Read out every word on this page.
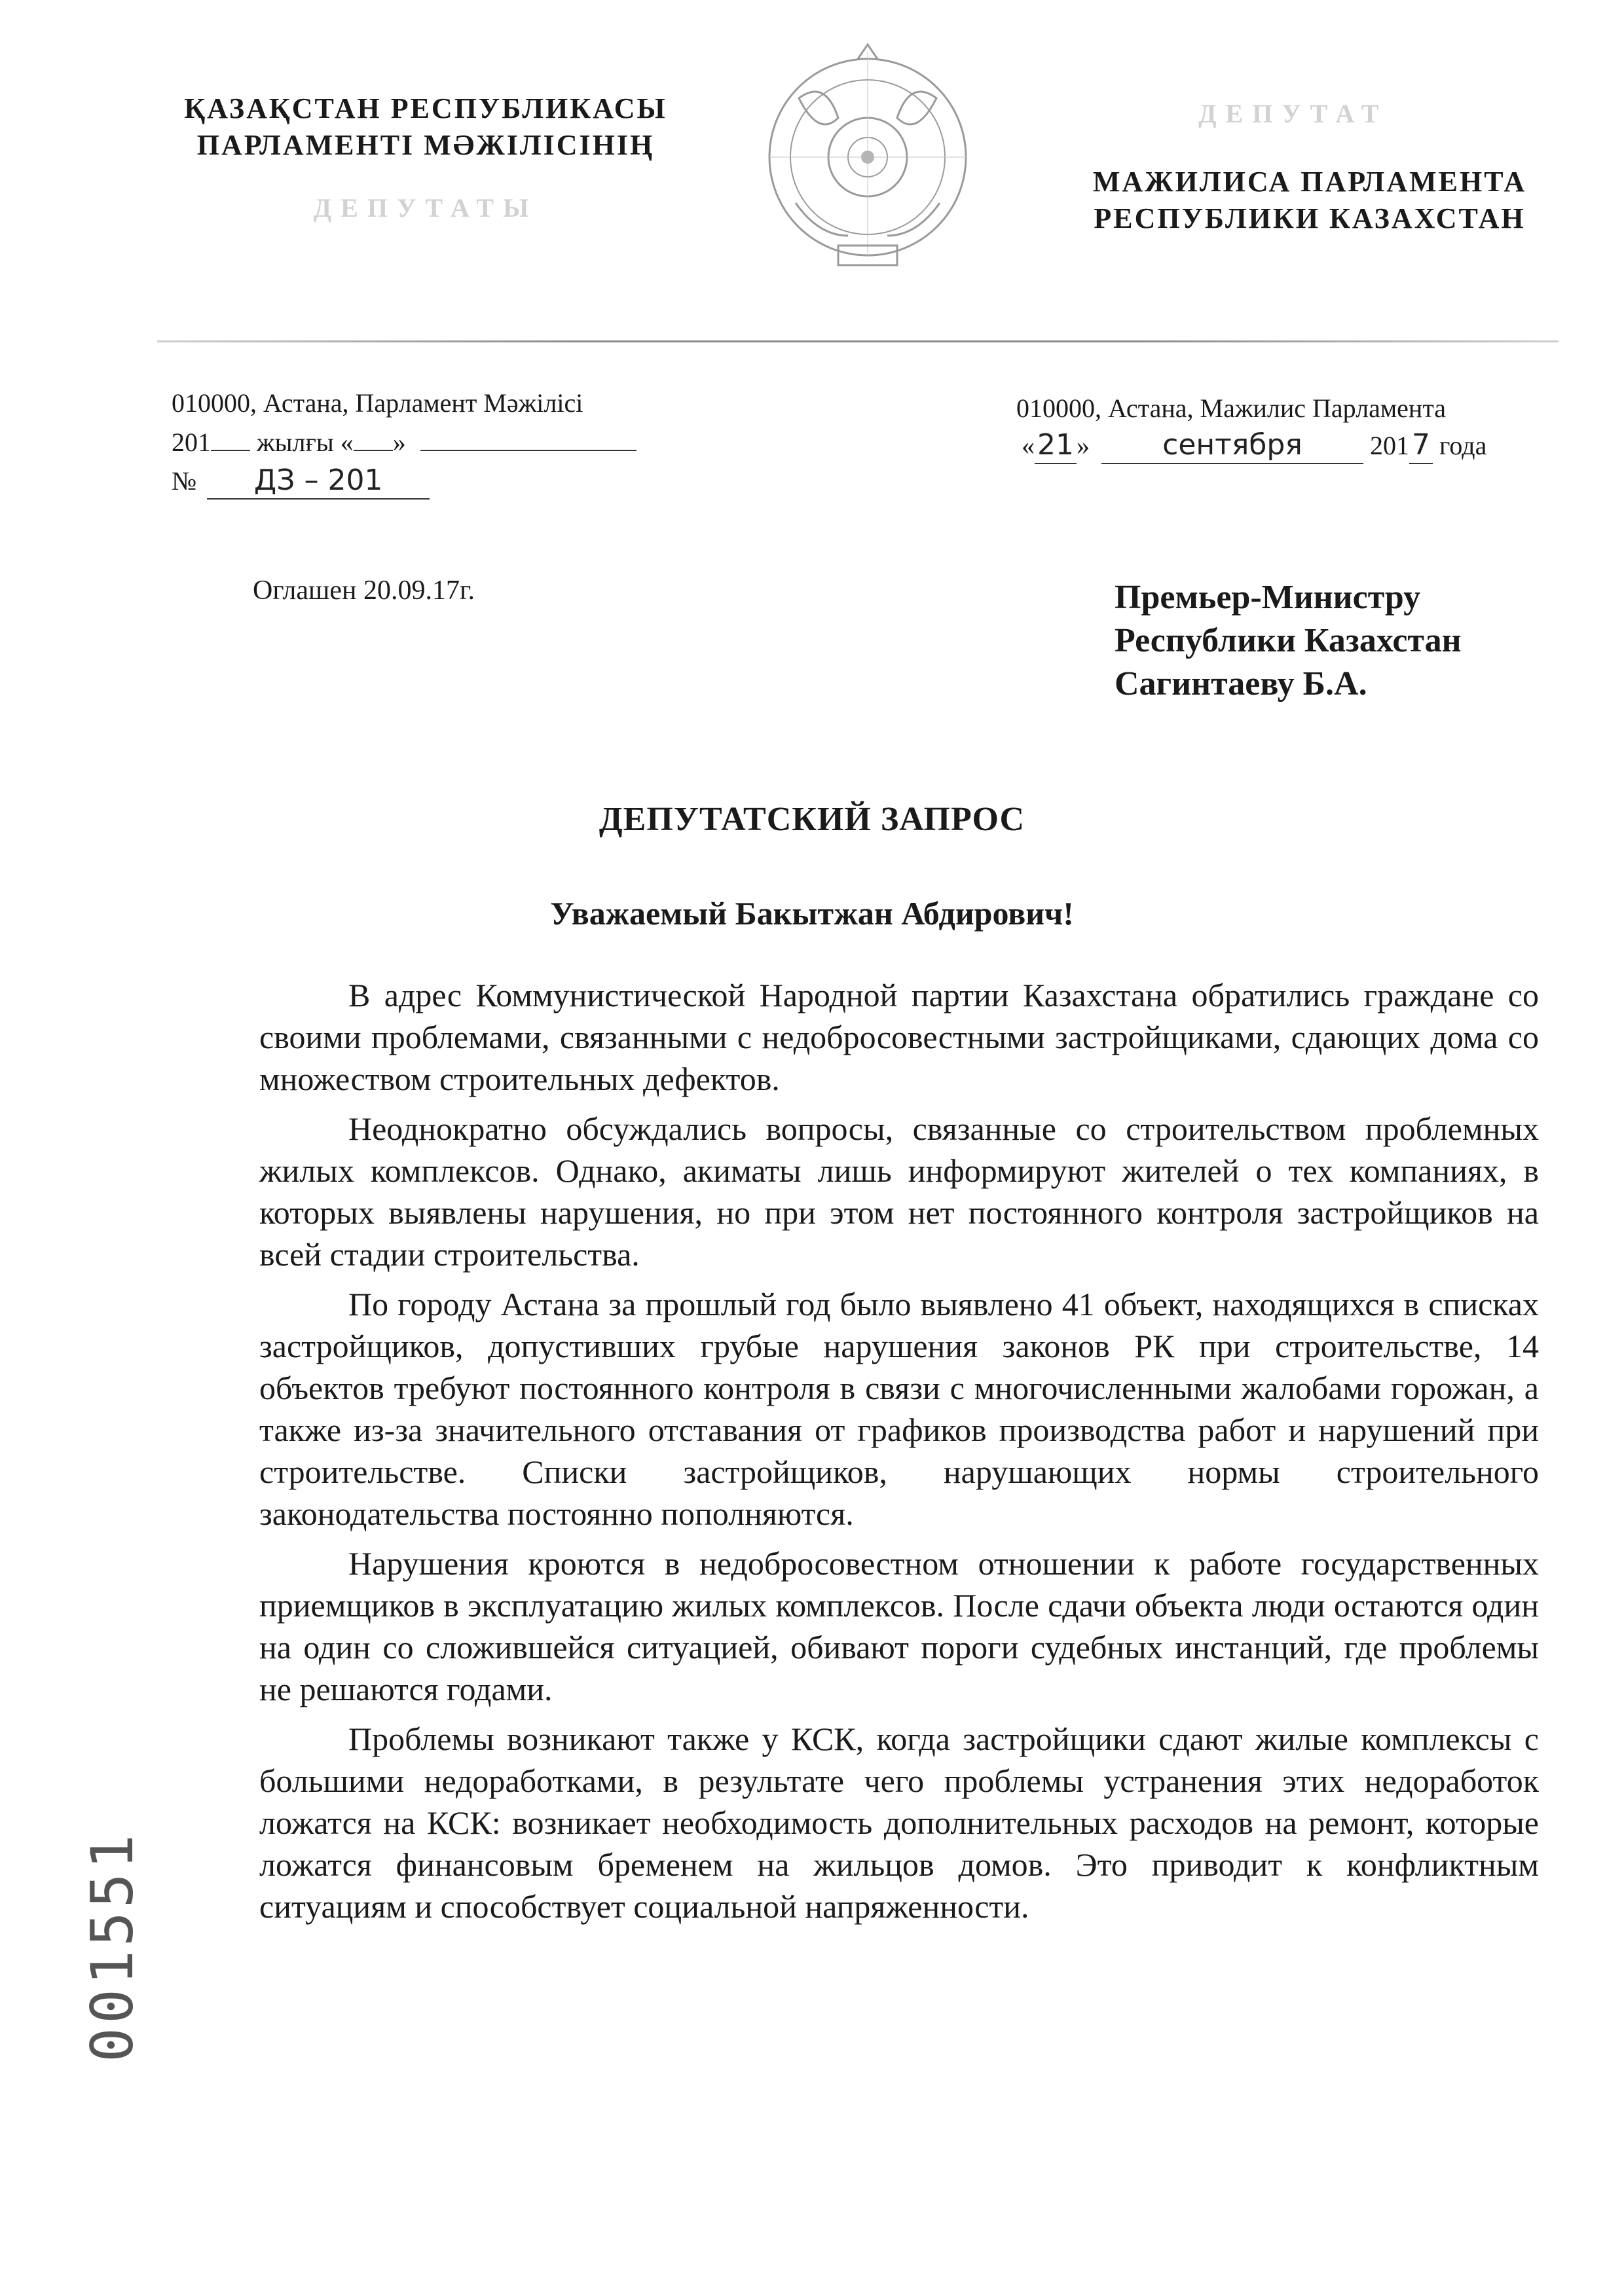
ҚАЗАҚСТАН РЕСПУБЛИКАСЫ
ПАРЛАМЕНТІ МӘЖІЛІСІНІҢ
ДЕПУТАТЫ
ДЕПУТАТ
МАЖИЛИСА ПАРЛАМЕНТА
РЕСПУБЛИКИ КАЗАХСТАН
010000, Астана, Парламент Мәжілісі
201 жылғы « »
№ ДЗ – 201
010000, Астана, Мажилис Парламента
«21 »	сентября	2017 года
Оглашен 20.09.17г.	Премьер-Министру
Республики Казахстан
Сагинтаеву Б.А.
ДЕПУТАТСКИЙ ЗАПРОС
Уважаемый Бакытжан Абдирович!

В адрес Коммунистической Народной партии Казахстана обратились граждане со своими проблемами, связанными с недобросовестными застройщиками, сдающих дома со множеством строительных дефектов.

Неоднократно обсуждались вопросы, связанные со строительством проблемных жилых комплексов. Однако, акиматы лишь информируют жителей о тех компаниях, в которых выявлены нарушения, но при этом нет постоянного контроля застройщиков на всей стадии строительства.

По городу Астана за прошлый год было выявлено 41 объект, находящихся в списках застройщиков, допустивших грубые нарушения законов РК при строительстве, 14 объектов требуют постоянного контроля в связи с многочисленными жалобами горожан, а также из-за значительного отставания от графиков производства работ и нарушений при строительстве. Списки застройщиков, нарушающих нормы строительного законодательства постоянно пополняются.

Нарушения кроются в недобросовестном отношении к работе государственных приемщиков в эксплуатацию жилых комплексов. После сдачи объекта люди остаются один на один со сложившейся ситуацией, обивают пороги судебных инстанций, где проблемы не решаются годами.

Проблемы возникают также у КСК, когда застройщики сдают жилые комплексы с большими недоработками, в результате чего проблемы устранения этих недоработок ложатся на КСК: возникает необходимость дополнительных расходов на ремонт, которые ложатся финансовым бременем на жильцов домов. Это приводит к конфликтным ситуациям и способствует социальной напряженности.

001551
